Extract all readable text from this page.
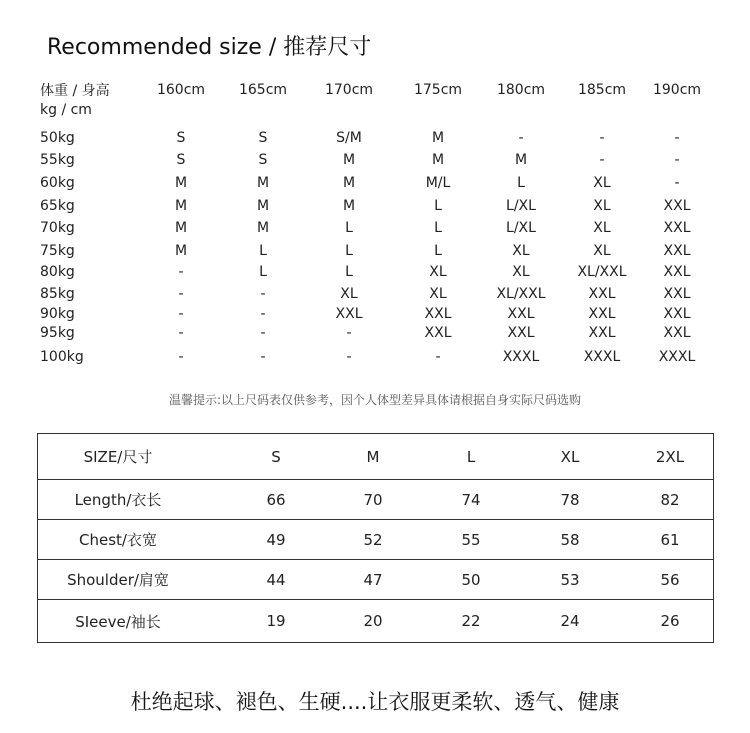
Recommended size / 推荐尺寸
体重 / 身高
kg / cm
160cm 165cm	170cm	175cm 180cm 185cm 190cm
50kg	S	S	S/M	M	-	-	-
55kg	S	S	M	M	M	-	-
60kg	M	M	M	M/L	L	XL	-
65kg	M	M	M	L	L/XL	XL	XXL
70kg	M	M	L	L	L/XL	XL	XXL
75kg	M	L	L	L	XL	XL	XXL
80kg	-	L	L	XL	XL	XL/XXL	XXL
85kg	-	-	XL	XL	XL/XXL	XXL	XXL
90kg	-	-	XXL	XXL	XXL	XXL	XXL
95kg	-	-	-	XXL	XXL	XXL	XXL
100kg	-	-	-	-	XXXL	XXXL	XXXL
温馨提示:以上尺码表仅供参考，因个人体型差异具体请根据自身实际尺码选购
SIZE/尺寸	S	M	L	XL	2XL
Length/衣长	66	70	74	78	82
Chest/衣宽	49	52	55	58	61
Shoulder/肩宽	44	47	50	53	56
SIeeve/袖长	19	20	22	24	26
杜绝起球、褪色、生硬....让衣服更柔软、透气、健康
